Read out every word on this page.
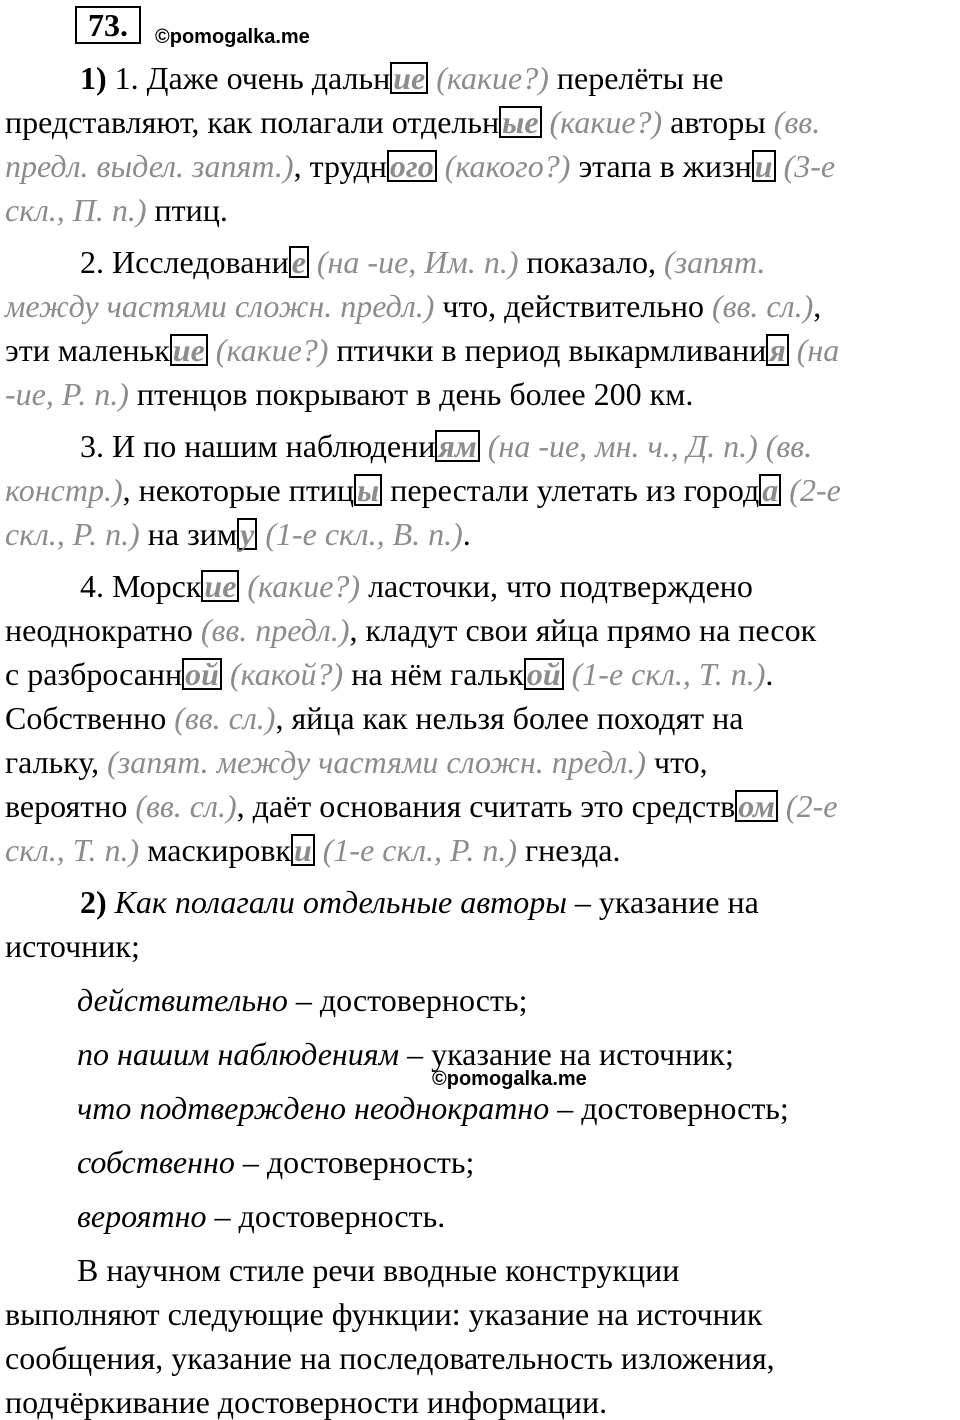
73.	©pomogalka.me
©pomogalka.me
1) 1. Даже очень дальние (какие?) перелёты не
представляют, как полагали отдельные (какие?) авторы (вв.
предл. выдел. запят.), трудного (какого?) этапа в жизни (3-е
скл., П. п.) птиц.
2. Исследование (на -ие, Им. п.) показало, (запят.
между частями сложн. предл.) что, действительно (вв. сл.),
эти маленькие (какие?) птички в период выкармливания (на
-ие, Р. п.) птенцов покрывают в день более 200 км.
3. И по нашим наблюдениям (на -ие, мн. ч., Д. п.) (вв.
констр.), некоторые птицы перестали улетать из города (2-е
скл., Р. п.) на зиму (1-е скл., В. п.).
4. Морские (какие?) ласточки, что подтверждено
неоднократно (вв. предл.), кладут свои яйца прямо на песок
с разбросанной (какой?) на нём галькой (1-е скл., Т. п.).
Собственно (вв. сл.), яйца как нельзя более походят на
гальку, (запят. между частями сложн. предл.) что,
вероятно (вв. сл.), даёт основания считать это средством (2-е
скл., Т. п.) маскировки (1-е скл., Р. п.) гнезда.
2) Как полагали отдельные авторы – указание на
источник;
действительно – достоверность;
по нашим наблюдениям – указание на источник;
что подтверждено неоднократно – достоверность;
собственно – достоверность;
вероятно – достоверность.
В научном стиле речи вводные конструкции
выполняют следующие функции: указание на источник
сообщения, указание на последовательность изложения,
подчёркивание достоверности информации.
